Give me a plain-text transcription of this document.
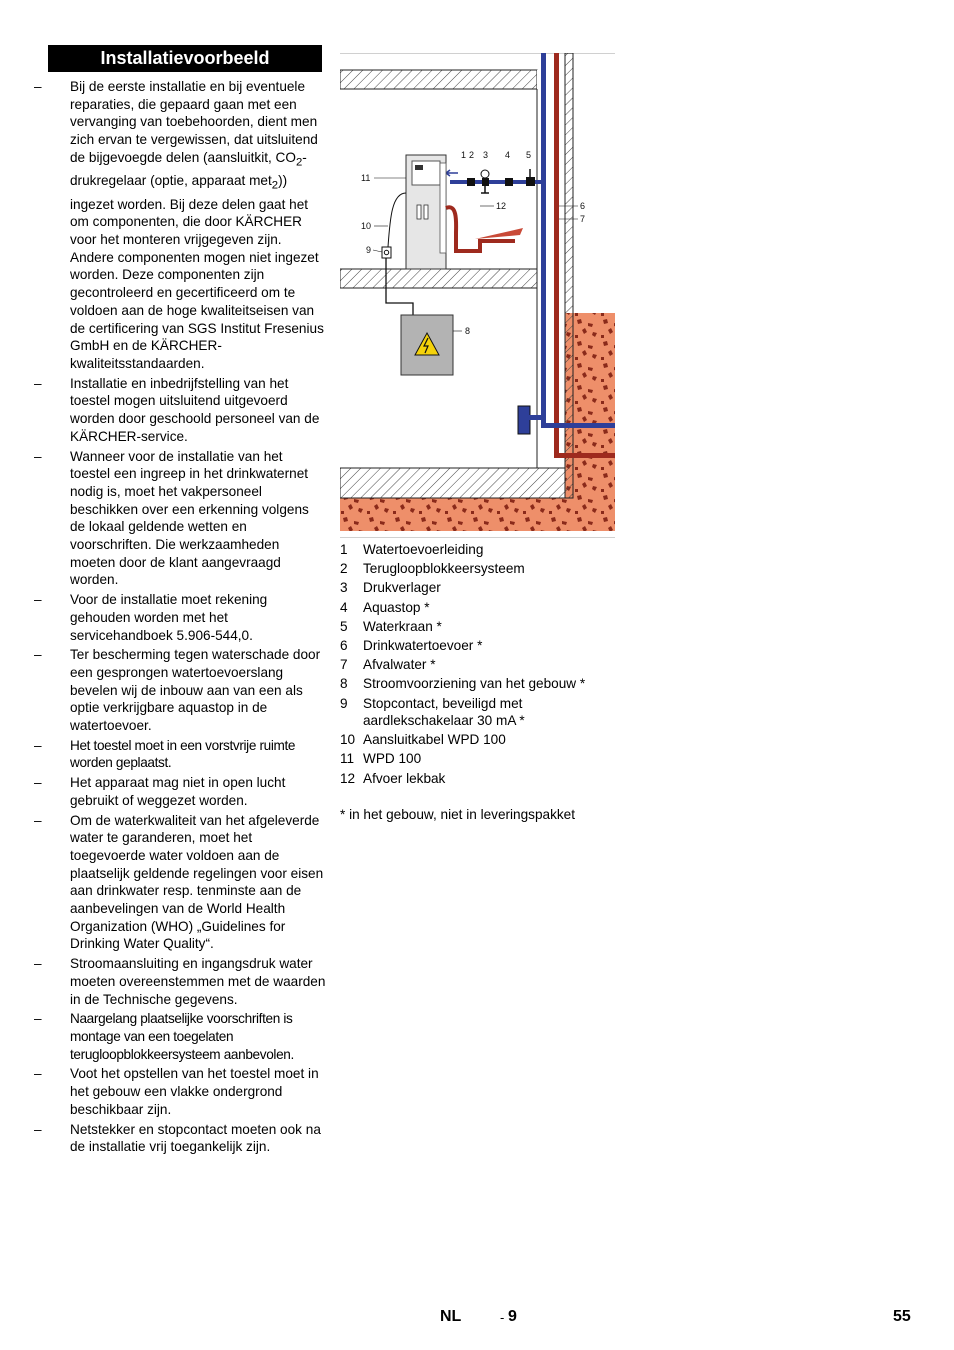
Installatievoorbeeld
– Bij de eerste installatie en bij eventuele reparaties, die gepaard gaan met een vervanging van toebehoorden, dient men zich ervan te vergewissen, dat uitsluitend de bijgevoegde delen (aansluitkit, $CO_2$-drukregelaar (optie, apparaat met$_2$)) ingezet worden. Bij deze delen gaat het om componenten, die door KÄRCHER voor het monteren vrijgegeven zijn. Andere componenten mogen niet ingezet worden. Deze componenten zijn gecontroleerd en gecertificeerd om te voldoen aan de hoge kwaliteitseisen van de certificering van SGS Institut Fresenius GmbH en de KÄRCHER-kwaliteitsstandaarden.
– Installatie en inbedrijfstelling van het toestel mogen uitsluitend uitgevoerd worden door geschoold personeel van de KÄRCHER-service.
– Wanneer voor de installatie van het toestel een ingreep in het drinkwaternet nodig is, moet het vakpersoneel beschikken over een erkenning volgens de lokaal geldende wetten en voorschriften. Die werkzaamheden moeten door de klant aangevraagd worden.
– Voor de installatie moet rekening gehouden worden met het servicehandboek 5.906-544,0.
– Ter bescherming tegen waterschade door een gesprongen watertoevoerslang bevelen wij de inbouw aan van een als optie verkrijgbare aquastop in de watertoevoer.
– Het toestel moet in een vorstvrije ruimte worden geplaatst.
– Het apparaat mag niet in open lucht gebruikt of weggezet worden.
– Om de waterkwaliteit van het afgeleverde water te garanderen, moet het toegevoerde water voldoen aan de plaatselijk geldende regelingen voor eisen aan drinkwater resp. tenminste aan de aanbevelingen van de World Health Organization (WHO) „Guidelines for Drinking Water Quality“.
– Stroomaansluiting en ingangsdruk water moeten overeenstemmen met de waarden in de Technische gegevens.
– Naargelang plaatselijke voorschriften is montage van een toegelaten terugloopblokkeersysteem aanbevolen.
– Voot het opstellen van het toestel moet in het gebouw een vlakke ondergrond beschikbaar zijn.
– Netstekker en stopcontact moeten ook na de installatie vrij toegankelijk zijn.
1 2 3 4 5
6
7
8
9
10
11
12
1 Watertoevoerleiding
2 Terugloopblokkeersysteem
3 Drukverlager
4 Aquastop *
5 Waterkraan *
6 Drinkwatertoevoer *
7 Afvalwater *
8 Stroomvoorziening van het gebouw *
9 Stopcontact, beveiligd met aardlekschakelaar 30 mA *
10 Aansluitkabel WPD 100
11 WPD 100
12 Afvoer lekbak
* in het gebouw, niet in leveringspakket
NL	- 9	55
